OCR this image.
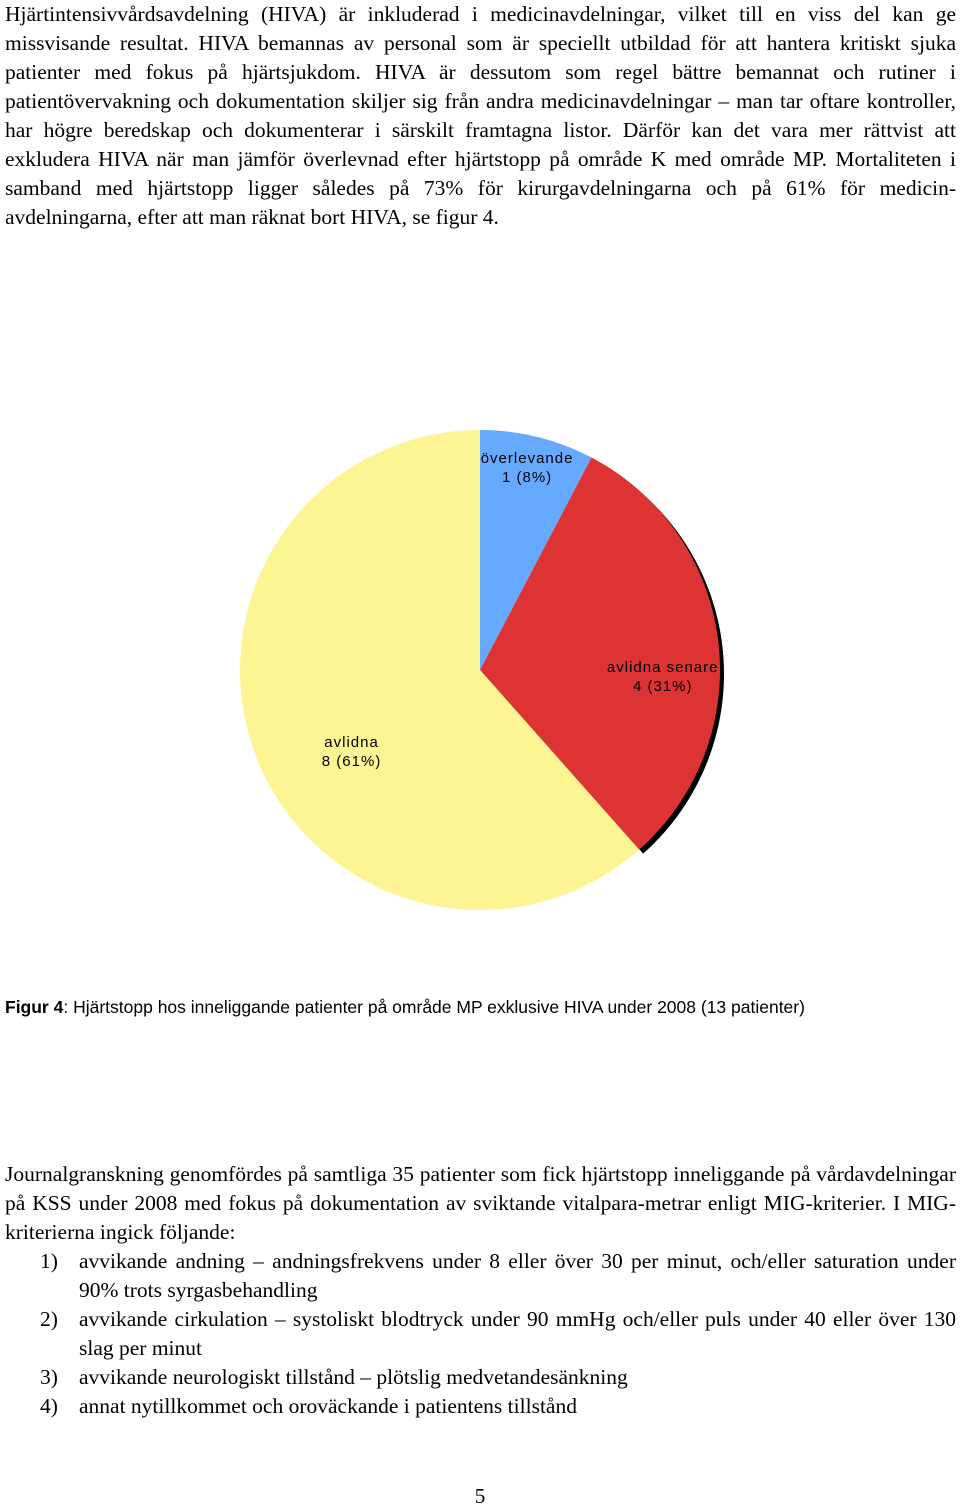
Hjärtintensivvårdsavdelning (HIVA) är inkluderad i medicinavdelningar, vilket till en viss del kan ge missvisande resultat. HIVA bemannas av personal som är speciellt utbildad för att hantera kritiskt sjuka patienter med fokus på hjärtsjukdom. HIVA är dessutom som regel bättre bemannat och rutiner i patientövervakning och dokumentation skiljer sig från andra medicinavdelningar – man tar oftare kontroller, har högre beredskap och dokumenterar i särskilt framtagna listor. Därför kan det vara mer rättvist att exkludera HIVA när man jämför överlevnad efter hjärtstopp på område K med område MP. Mortaliteten i samband med hjärtstopp ligger således på 73% för kirurgavdelningarna och på 61% för medicin-avdelningarna, efter att man räknat bort HIVA, se figur 4.

överlevande 1 (8%)
avlidna senare 4 (31%)
avlidna 8 (61%)

Figur 4: Hjärtstopp hos inneliggande patienter på område MP exklusive HIVA under 2008 (13 patienter)

Journalgranskning genomfördes på samtliga 35 patienter som fick hjärtstopp inneliggande på vårdavdelningar på KSS under 2008 med fokus på dokumentation av sviktande vitalpara-metrar enligt MIG-kriterier. I MIG-kriterierna ingick följande:

1) avvikande andning – andningsfrekvens under 8 eller över 30 per minut, och/eller saturation under 90% trots syrgasbehandling
2) avvikande cirkulation – systoliskt blodtryck under 90 mmHg och/eller puls under 40 eller över 130 slag per minut
3) avvikande neurologiskt tillstånd – plötslig medvetandesänkning
4) annat nytillkommet och oroväckande i patientens tillstånd
5
